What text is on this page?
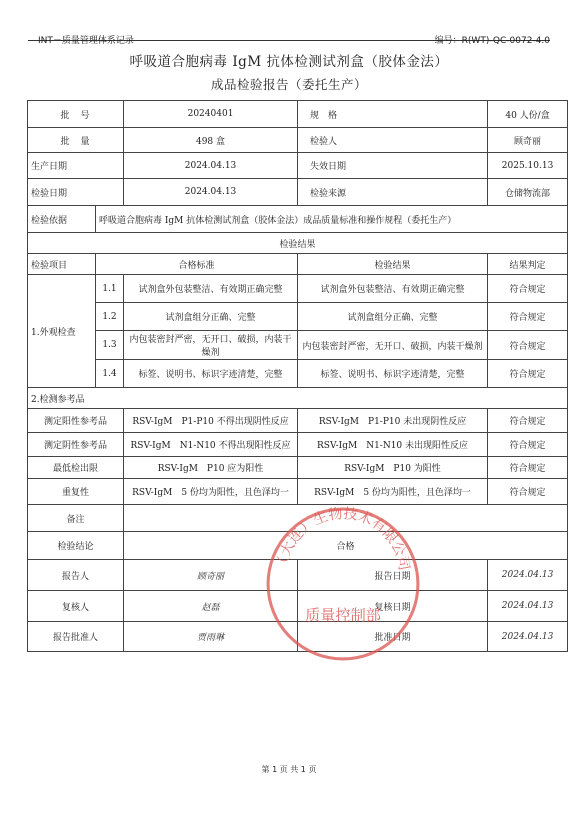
INT－质量管理体系记录	编号：R(WT)-QC-0072-4.0
呼吸道合胞病毒 IgM 抗体检测试剂盒（胶体金法）
成品检验报告（委托生产）
批　号		20240401	规　格	40 人份/盒
批　量		498 盒	检验人	顾奇丽
生产日期		2024.04.13	失效日期	2025.10.13
检验日期		2024.04.13	检验来源	仓储物流部
检验依据	呼吸道合胞病毒 IgM 抗体检测试剂盒（胶体金法）成品质量标准和操作规程（委托生产）			
检验结果				
检验项目	合格标准		检验结果	结果判定
1.外观检查	1.1	试剂盒外包装整洁、有效期正确完整	试剂盒外包装整洁、有效期正确完整	符合规定
	1.2	试剂盒组分正确、完整	试剂盒组分正确、完整	符合规定
	1.3	内包装密封严密，无开口、破损，内装干燥剂	内包装密封严密，无开口、破损，内装干燥剂	符合规定
	1.4	标签、说明书、标识字迹清楚，完整	标签、说明书、标识字迹清楚，完整	符合规定
2.检测参考品				
测定阳性参考品		RSV-IgM　P1-P10 不得出现阴性反应	RSV-IgM　P1-P10 未出现阴性反应	符合规定
测定阴性参考品		RSV-IgM　N1-N10 不得出现阳性反应	RSV-IgM　N1-N10 未出现阳性反应	符合规定
最低检出限		RSV-IgM　P10 应为阳性	RSV-IgM　P10 为阳性	符合规定
重复性		RSV-IgM　5 份均为阳性，且色泽均一	RSV-IgM　5 份均为阳性，且色泽均一	符合规定
备注				
检验结论		合格		
报告人		顾奇丽	报告日期	2024.04.13
复核人		赵磊	复核日期	2024.04.13
报告批准人		贾雨琳	批准日期	2024.04.13
（大连）生物技术有限公司
质量控制部
第 1 页 共 1 页
